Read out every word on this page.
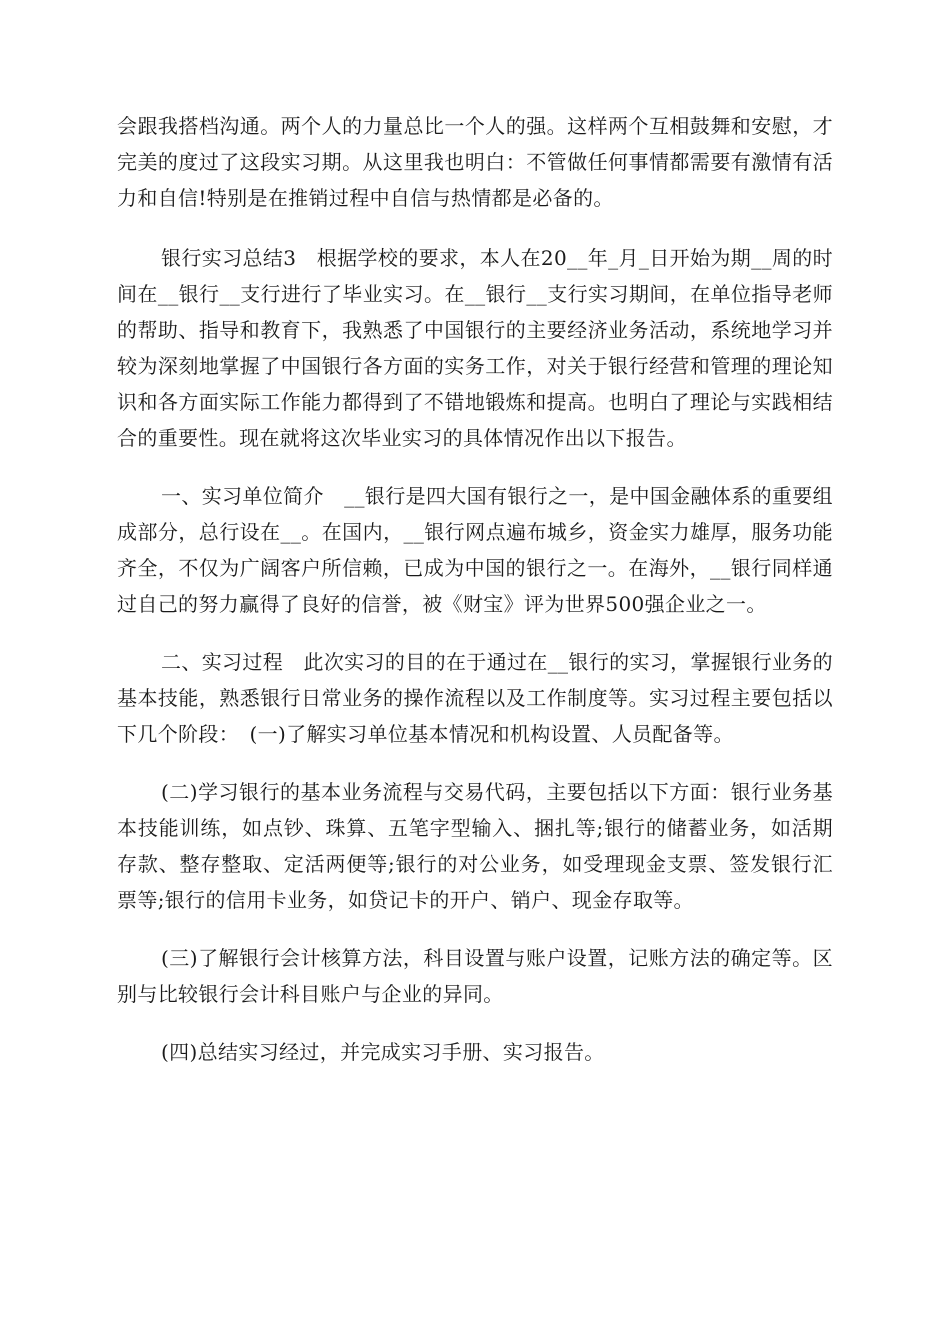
会跟我搭档沟通。两个人的力量总比一个人的强。这样两个互相鼓舞和安慰，才完美的度过了这段实习期。从这里我也明白：不管做任何事情都需要有激情有活力和自信!特别是在推销过程中自信与热情都是必备的。

银行实习总结3　根据学校的要求，本人在20__年_月_日开始为期__周的时间在__银行__支行进行了毕业实习。在__银行__支行实习期间，在单位指导老师的帮助、指导和教育下，我熟悉了中国银行的主要经济业务活动，系统地学习并较为深刻地掌握了中国银行各方面的实务工作，对关于银行经营和管理的理论知识和各方面实际工作能力都得到了不错地锻炼和提高。也明白了理论与实践相结合的重要性。现在就将这次毕业实习的具体情况作出以下报告。

一、实习单位简介　__银行是四大国有银行之一，是中国金融体系的重要组成部分，总行设在__。在国内，__银行网点遍布城乡，资金实力雄厚，服务功能齐全，不仅为广阔客户所信赖，已成为中国的银行之一。在海外，__银行同样通过自己的努力赢得了良好的信誉，被《财宝》评为世界500强企业之一。

二、实习过程　此次实习的目的在于通过在__银行的实习，掌握银行业务的基本技能，熟悉银行日常业务的操作流程以及工作制度等。实习过程主要包括以下几个阶段：　(一)了解实习单位基本情况和机构设置、人员配备等。

(二)学习银行的基本业务流程与交易代码，主要包括以下方面：银行业务基本技能训练，如点钞、珠算、五笔字型输入、捆扎等;银行的储蓄业务，如活期存款、整存整取、定活两便等;银行的对公业务，如受理现金支票、签发银行汇票等;银行的信用卡业务，如贷记卡的开户、销户、现金存取等。

(三)了解银行会计核算方法，科目设置与账户设置，记账方法的确定等。区别与比较银行会计科目账户与企业的异同。

(四)总结实习经过，并完成实习手册、实习报告。
